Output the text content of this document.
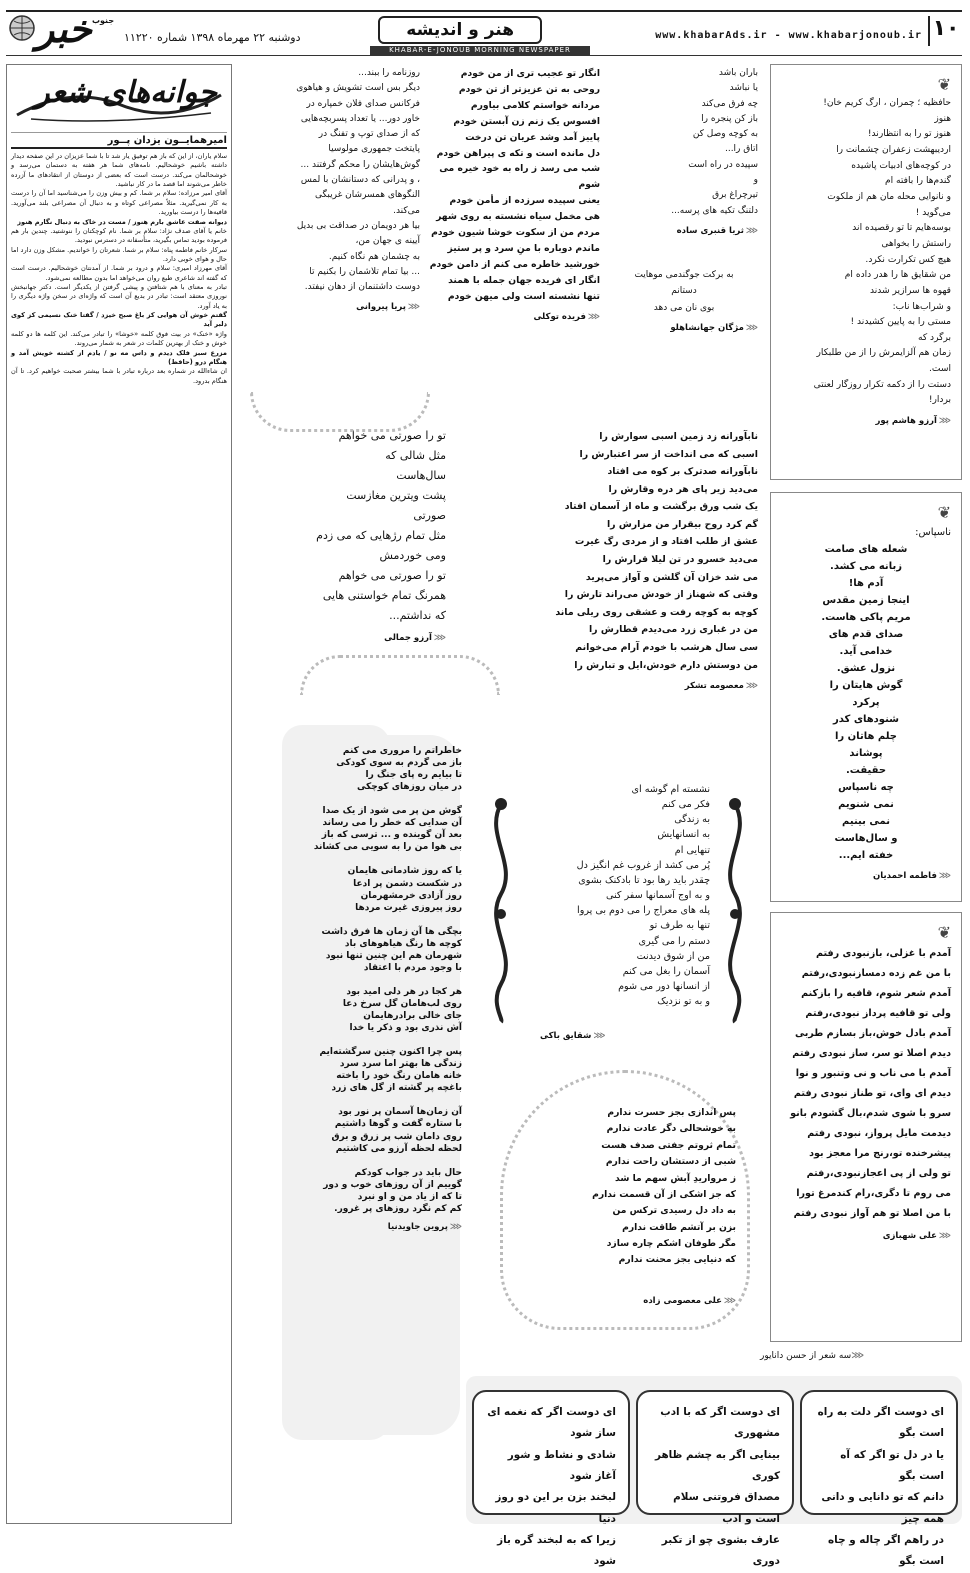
۱۰
www.khabarAds.ir - www.khabarjonoub.ir
هنر و اندیشه
دوشنبه ۲۲ مهرماه ۱۳۹۸ شماره ۱۱۲۲۰
خبر جنوب
KHABAR-E-JONOUB MORNING NEWSPAPER
جوانه‌های شعر
امیرهمایــون یزدان پــور

سلام یاران، از این که باز هم توفیق یار شد تا با شما عزیزان در این صفحه دیدار داشته باشیم خوشحالیم. نامه‌های شما هر هفته به دستمان می‌رسد و خوشحالمان می‌کند. درست است که بعضی از دوستان از انتقادهای ما آزرده خاطر می‌شوند اما قصد ما در کار نباشید.

آقای امیر مرزاده: سلام بر شما. کم و بیش وزن را می‌شناسید اما آن را درست به کار نمی‌گیرید. مثلاً مصراعی کوتاه و به دنبال آن مصراعی بلند می‌آورید. قافیه‌ها را درست بیاورید.

دیوانه صفت عاشق بارم هنوز / مست در خاک به دنبال نگارم هنوز

خانم یا آقای صدف نژاد: سلام بر شما. نام کوچکتان را ننوشتید. چندین بار هم فرموده بودید تماس بگیرید، متأسفانه در دسترس نبودید.

سرکار خانم فاطمه پناه: سلام بر شما. شعرتان را خواندیم. مشکل وزن دارد اما حال و هوای خوبی دارد.

آقای مهرزاد امیری: سلام و درود بر شما. از آمدنتان خوشحالیم. درست است که گفته اند شاعری طبع روان می‌خواهد اما بدون مطالعه نمی‌شود.

تبادر به معنای با هم شتافتن و پیشی گرفتن از یکدیگر است. دکتر جهانبخش نوروزی معتقد است: تبادر در بدیع آن است که واژه‌ای در سخن واژه دیگری را به یاد آورد.

گفتم خوش آن هوایی کز باغ صبح خیزد / گفتا خنک نسیمی کز کوی دلبر آید

واژه «خنک» در بیت فوق کلمه «خوشا» را تبادر می‌کند. این کلمه ها دو کلمه خوش و خنک از بهترین کلمات در شعر به شمار می‌روند.

مزرع سبز فلک دیدم و داس مه نو / یادم از کشته خویش آمد و هنگام درو (حافظ)

ان شاءالله در شماره بعد درباره تبادر با شما بیشتر صحبت خواهیم کرد. تا آن هنگام بدرود.

روزنامه را ببند...
دیگر بس است تشویش و هیاهوی
فرکانس صدای فلان خمپاره در
خاور دور... یا تعداد پسربچه‌هایی
که از صدای توپ و تفنگ در
پایتخت جمهوری مولوسیا
گوش‌هایشان را محکم گرفتند ...
، و پدرانی که دستانشان با لمس
النگوهای همسرشان غریبگی
می‌کند.
بیا هر دویمان در صداقت بی بدیل
آیینه ی جهان من،
به چشمان هم نگاه کنیم.
... بیا تمام تلاشمان را بکنیم تا
دوست داشتنمان از دهان نیفتد.
⋘پریا پیروانی
انگار تو عجیب تری از من خودم
روحی به تن عزیزتر از تن خودم
مردانه خواستم کلامی بیاورم
افسوس یک زنم زن آبستن خودم
پاییز آمد وشد عریان تن درخت
دل مانده است و تکه ی پیراهن خودم
شب می رسد ز راه به خود خیره می شوم
یعنی سپیده سرزده از مأمن خودم
هی مخمل سیاه نشسته به روی شهر
مردم من از سکوت خوشا شیون خودم
ماندم دوباره با منِ سرد و پر ستیز
خورشید خاطره می کنم از دامن خودم
انگار ای فریده جهان جمله با همند
تنها نشسته است ولی میهن خودم
⋘فریده توکلی
باران باشد
یا نباشد
چه فرق می‌کند
باز کن پنجره را
به کوچه وصل کن
اتاق را...
سپیده در راه است
و
تیرچراغ برق
دلتنگ تکیه های پرسه...
⋘ثریا قنبری ساده
به برکت جوگندمی موهایت
دستانم
بوی نان می دهد
⋘مژگان جهانشاهلو
❦
حافظیه ؛ چمران ، ارگ کریم خان!
هنوز
هنوز تو را به انتظارند!
اردیبهشت زعفران چشمانت را
در کوچه‌های ادبیات پاشیده
گندم‌ها را بافته ام
و نانوایی محله مان هم از ملکوت
می‌گوید !
بوسه‌هایم تا تو رقصیده اند
راستش را بخواهی
هیچ کس تکرارت نکرد.
من شقایق ها را هدر داده ام
قهوه ها سرازیر شدند
و شراب‌ها ناب:
مستی را به پایین کشیدند !
برگرد که
زمان هم آلزایمرش را از من طلبکار
است.
دستت را از دکمه تکرار روزگار لعنتی
بردار!
⋘آرزو هاشم پور
❦
ناسپاس:
شعله های صامت
زبانه می کشد.
آدم ها!
اینجا زمین مقدس
مریم پاکی هاست.
صدای قدم های
خدامی آید.
نزول عشق.
گوش هایتان را
پرکرد
شنودهای کدر
چلم هاتان را
پوشاند
حقیقت.
چه ناسپاس
نمی شنویم
نمی بینیم
و سال‌هاست
خفته ایم...
⋘فاطمه احمدیان
❦
آمدم با غزلی، بازنبودی رفتم
با من غم زده دمسازنبودی،رفتم
آمدم شعر شوم، قافیه را بازکنم
ولی تو قافیه پرداز نبودی،رفتم
آمدم بادل خوش،باز بسازم طربی
دیدم اصلا تو سر، ساز نبودی رفتم
آمدم با می ناب و نی وتنبور و نوا
دیدم ای وای، تو طناز نبودی رفتم
سرو با شوی شدم،بال گشودم بانو
دیدمت مایل پرواز، نبودی رفتم
پیشرخنده تو،رنج مرا معجز بود
تو ولی از پی اعجازنبودی،رفتم
می روم تا دگری،رام کندمرغ تورا
با من اصلا تو هم آواز نبودی رفتم
⋘علی شهبازی
تو را صورتی می خواهم
مثل شالی که
سال‌هاست
پشت ویترین مغازست
صورتی
مثل تمام رژهایی که می زدم
ومی خوردمش
تو را صورتی می خواهم
همرنگ تمام خواستنی هایی
که نداشتم...
⋘آرزو جمالی
نابآورانه زد زمین اسبی سوارش را
اسبی که می انداخت از سر اعتبارش را
نابآورانه صدترک بر کوه می افتاد
می‌دید زیر پای هر دره وقارش را
یک شب ورق برگشت و ماه از آسمان افتاد
گم کرد روح بیقرار من مزارش را
عشق از طلب افتاد و از مردی رگ غیرت
می‌دید خسرو در تن لیلا قرارش را
می شد خزان آن گلشن و آواز می‌پرید
وقتی که شهناز از خودش می‌راند تارش را
کوچه به کوچه رفت و عشقی روی ریلی ماند
من در غباری زرد می‌دیدم قطارش را
سی سال هرشب با خودم آرام می‌خوانم
من دوستش دارم خودش،ایل و تبارش را
⋘معصومه تشکر
خاطراتم را مروری می کنم
باز می گردم به سوی کودکی
تا بیایم ره پای جنگ را
در میان روزهای کوچکی

گوش من پر می شود از یک صدا
آن صدایی که خطر را می رساند
بعد آن گوینده و ... ترسی که باز
بی هوا من را به سویی می کشاند

یا که روز شادمانی هایمان
در شکست دشمن پر ادعا
روز آزادی خرمشهرمان
روز پیروزی غیرت مردها

بچگی ها آن زمان ها فرق داشت
کوچه ها رنگ هیاهوهای باد
شهرمان هم این چنین تنها نبود
با وجود مردم با اعتقاد

هر کجا در هر دلی امید بود
روی لب‌هامان گل سرخ دعا
جای خالی برادرهایمان
آش نذری بود و ذکر یا خدا

پس چرا اکنون چنین سرگشته‌ایم
زندگی ها بهتر اما سرد سرد
خانه هامان رنگ خود را باخته
باغچه پر گشته از گل های زرد

آن زمان‌ها آسمان پر نور بود
با ستاره گفت و گوها داشتیم
روی دامان شب پر زرق و برق
لحظه لحظه آرزو می کاشتیم

حال باید در جواب کودکم
گوییم از آن روزهای خوب و دور
تا که از یاد من و او نبرد
کم کم نگرد روزهای پر غرور.
⋘پروین جاویدنیا
نشسته ام گوشه ای
فکر می کنم
به زندگی
به انسانهایش
تنهایی ام
پُر می کشد از غروب غم انگیز دل
چقدر باید رها بود تا بادکنک بشوی
و به اوج آسمانها سفر کنی
پله های معراج را می دوم بی پروا
تنها به طرف تو
دستم را می گیری
من از شوق دیدنت
آسمان را بغل می کنم
از انسانها دور می شوم
و به تو نزدیک
⋘شقایق باکی
پس اندازی بجز حسرت ندارم
به خوشحالی دگر عادت ندارم
تمام ثروتم جفتی صدف هست
شبی از دستشان راحت ندارم
ز مرواریدِ آبش سهم ما شد
که جز اشکی از آن قسمت ندارم
به داد دل رسیدی ترکس من
بزن بر آتشم طاقت ندارم
مگر طوفان اشکم چاره سازد
که دنیایی بجز محنت ندارم
⋘علی معصومی زاده
⋘سه شعر از حسن دانایور
ای دوست اگر دلت به راه است بگو
یا در دل تو اگر که آه است بگو
دانم که تو دانایی و دانی همه چیز
در راهم اگر چاله و چاه است بگو
ای دوست اگر که با ادب مشهوری
بینایی اگر به چشم ظاهر کوری
مصداق فروتنی سلام است و ادب
عارف بشوی چو از تکبر دوری
ای دوست اگر که نغمه ای ساز شود
شادی و نشاط و شور آغاز شود
لبخند بزن بر این دو روز دنیا
زیرا که به لبخند گره باز شود
